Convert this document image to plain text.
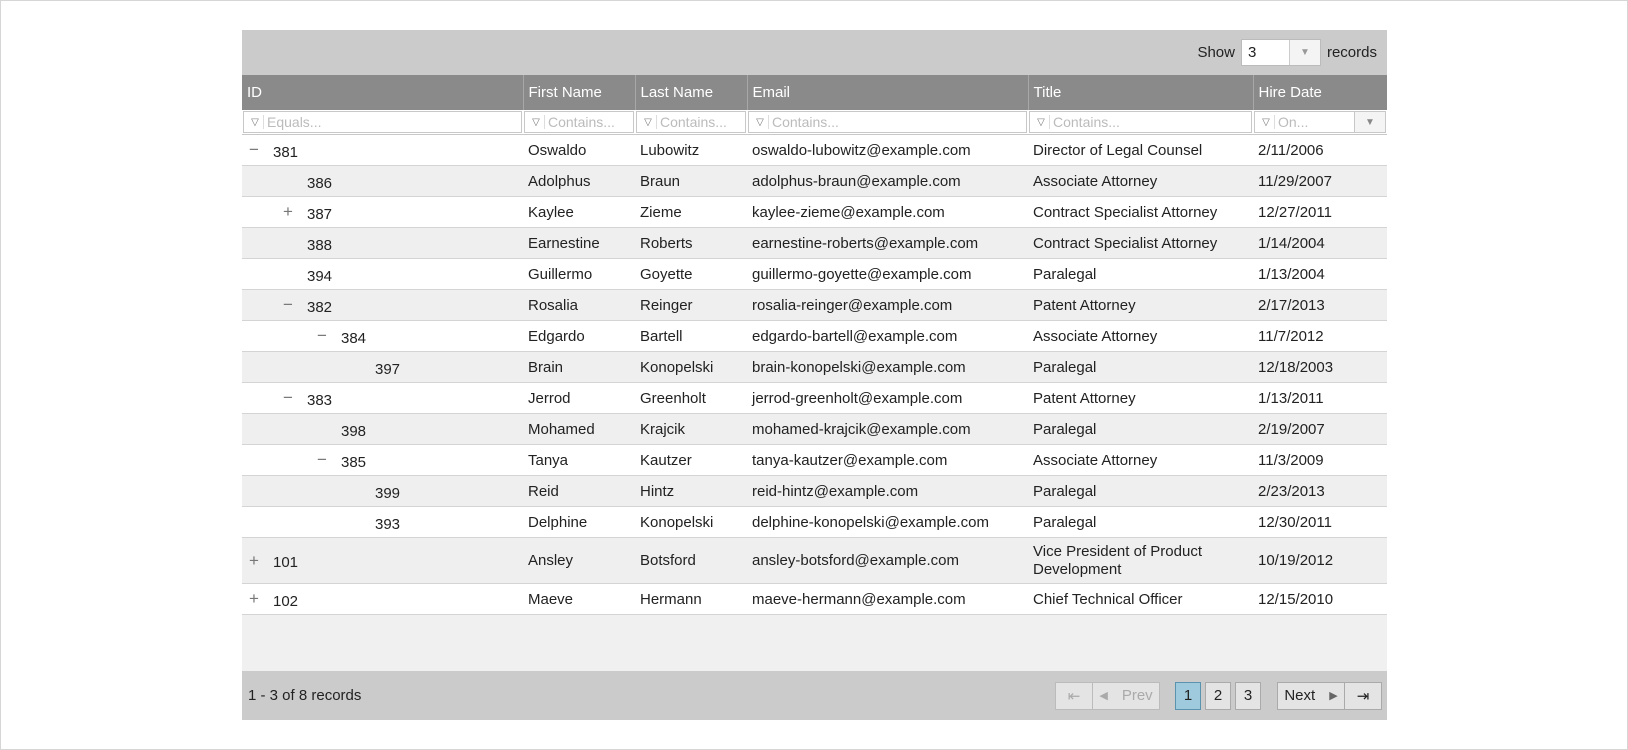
Show 3	▼	records
ID	First Name	Last Name	Email	Title	Hire Date

▽ Equals...	▽ Contains...	▽ Contains...	▽ Contains...	▽ Contains...	▽ On... ▼

− 381	Oswaldo	Lubowitz	oswaldo-lubowitz@example.com	Director of Legal Counsel	2/11/2006

386	Adolphus	Braun	adolphus-braun@example.com	Associate Attorney	11/29/2007

+ 387	Kaylee	Zieme	kaylee-zieme@example.com	Contract Specialist Attorney	12/27/2011

388	Earnestine	Roberts	earnestine-roberts@example.com	Contract Specialist Attorney	1/14/2004

394	Guillermo	Goyette	guillermo-goyette@example.com	Paralegal	1/13/2004

− 382	Rosalia	Reinger	rosalia-reinger@example.com	Patent Attorney	2/17/2013

− 384	Edgardo	Bartell	edgardo-bartell@example.com	Associate Attorney	11/7/2012

397	Brain	Konopelski	brain-konopelski@example.com	Paralegal	12/18/2003

− 383	Jerrod	Greenholt	jerrod-greenholt@example.com	Patent Attorney	1/13/2011

398	Mohamed	Krajcik	mohamed-krajcik@example.com	Paralegal	2/19/2007

− 385	Tanya	Kautzer	tanya-kautzer@example.com	Associate Attorney	11/3/2009

399	Reid	Hintz	reid-hintz@example.com	Paralegal	2/23/2013

393	Delphine	Konopelski	delphine-konopelski@example.com	Paralegal	12/30/2011

+ 101	Ansley	Botsford	ansley-botsford@example.com	Vice President of Product Development	10/19/2012

+ 102	Maeve	Hermann	maeve-hermann@example.com	Chief Technical Officer	12/15/2010
1 - 3 of 8 records	⇤ ◀ Prev	1	2	3	Next ▶ ⇥
